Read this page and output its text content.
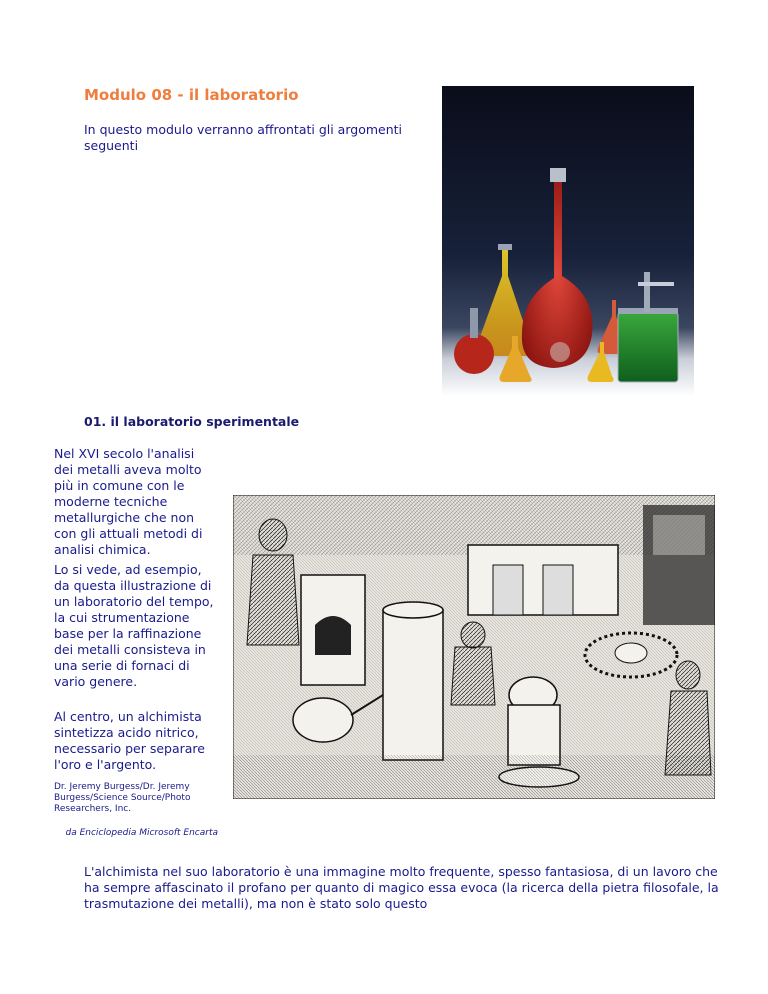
Modulo 08 - il laboratorio

In questo modulo verranno affrontati gli argomenti seguenti

01. il laboratorio sperimentale

Nel XVI secolo l'analisi dei metalli aveva molto più in comune con le moderne tecniche metallurgiche che non con gli attuali metodi di analisi chimica.

Lo si vede, ad esempio, da questa illustrazione di un laboratorio del tempo, la cui strumentazione base per la raffinazione dei metalli consisteva in una serie di fornaci di vario genere.

Al centro, un alchimista sintetizza acido nitrico, necessario per separare l'oro e l'argento.

Dr. Jeremy Burgess/Dr. Jeremy Burgess/Science Source/Photo Researchers, Inc.

da Enciclopedia Microsoft Encarta

L'alchimista nel suo laboratorio è una immagine molto frequente, spesso fantasiosa, di un lavoro che ha sempre affascinato il profano per quanto di magico essa evoca (la ricerca della pietra filosofale, la trasmutazione dei metalli), ma non è stato solo questo
